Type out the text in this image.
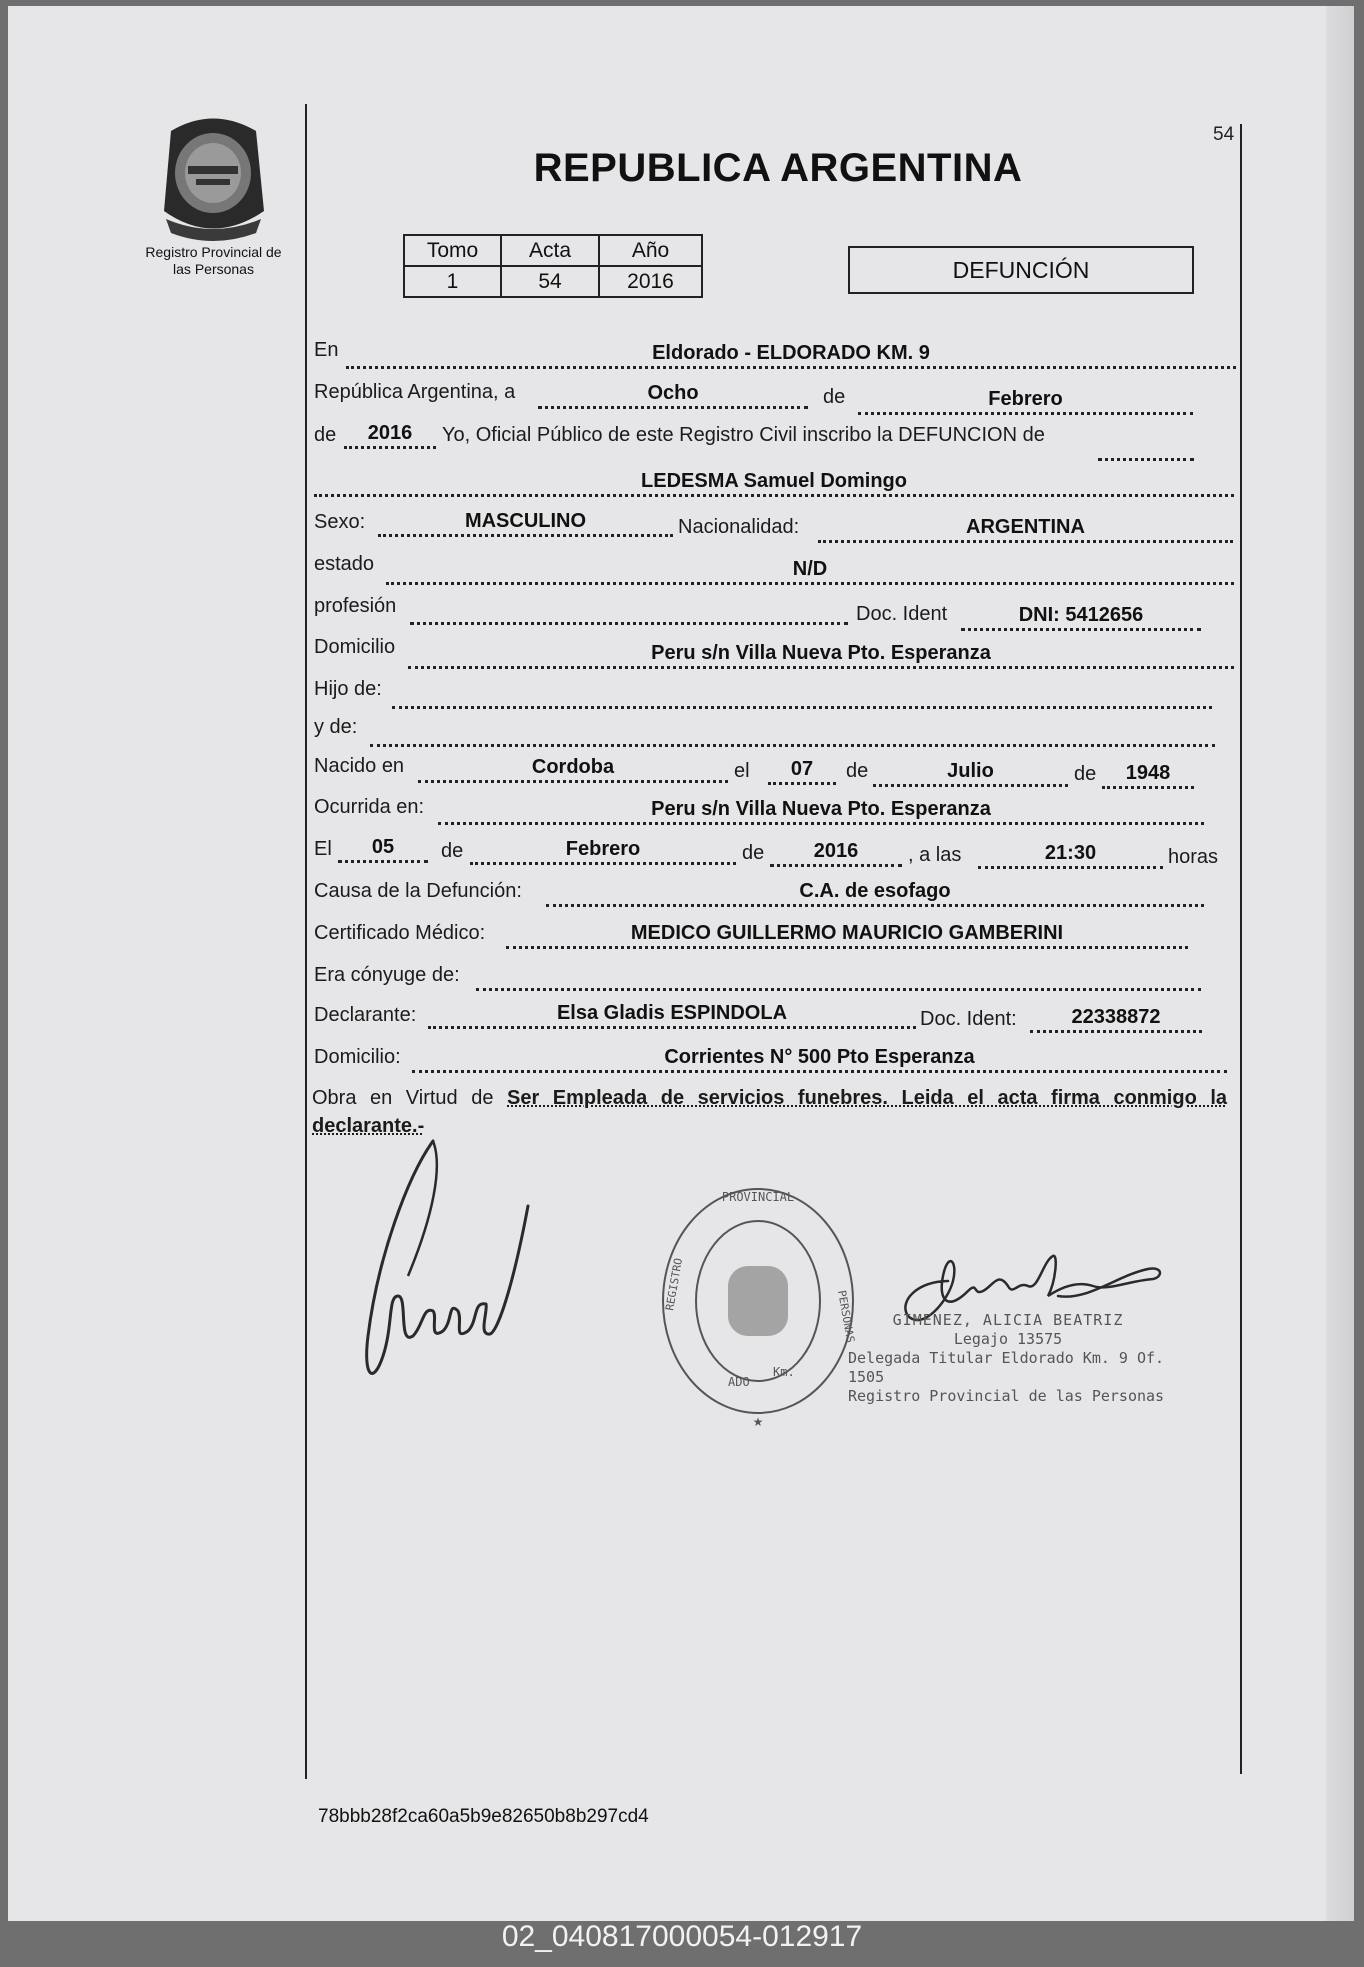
54
Registro Provincial de
las Personas
REPUBLICA ARGENTINA
Tomo	Acta	Año
1	54	2016	DEFUNCIÓN
En	Eldorado - ELDORADO KM. 9
República Argentina, a	Ocho	de	Febrero
de	2016	Yo, Oficial Público de este Registro Civil inscribo la DEFUNCION de
LEDESMA Samuel Domingo
Sexo:	MASCULINO	Nacionalidad:	ARGENTINA
estado	N/D
profesión	Doc. Ident	DNI: 5412656
Domicilio	Peru s/n Villa Nueva Pto. Esperanza
Hijo de:
y de:
Nacido en	Cordoba	el	07	de	Julio	de	1948
Ocurrida en:	Peru s/n Villa Nueva Pto. Esperanza
El	05	de	Febrero	de	2016	, a las	21:30	horas
Causa de la Defunción:	C.A. de esofago
Certificado Médico:	MEDICO GUILLERMO MAURICIO GAMBERINI
Era cónyuge de:
Declarante:	Elsa Gladis ESPINDOLA	Doc. Ident:	22338872
Domicilio:	Corrientes N° 500 Pto Esperanza
Obra en Virtud de Ser Empleada de servicios funebres. Leida el acta firma conmigo la declarante.-
PROVINCIAL
REGISTRO
PERSONAS
ADO
Km.
★
GIMENEZ, ALICIA BEATRIZ
Legajo 13575
Delegada Titular Eldorado Km. 9 Of. 1505
Registro Provincial de las Personas
78bbb28f2ca60a5b9e82650b8b297cd4
02_040817000054-012917
